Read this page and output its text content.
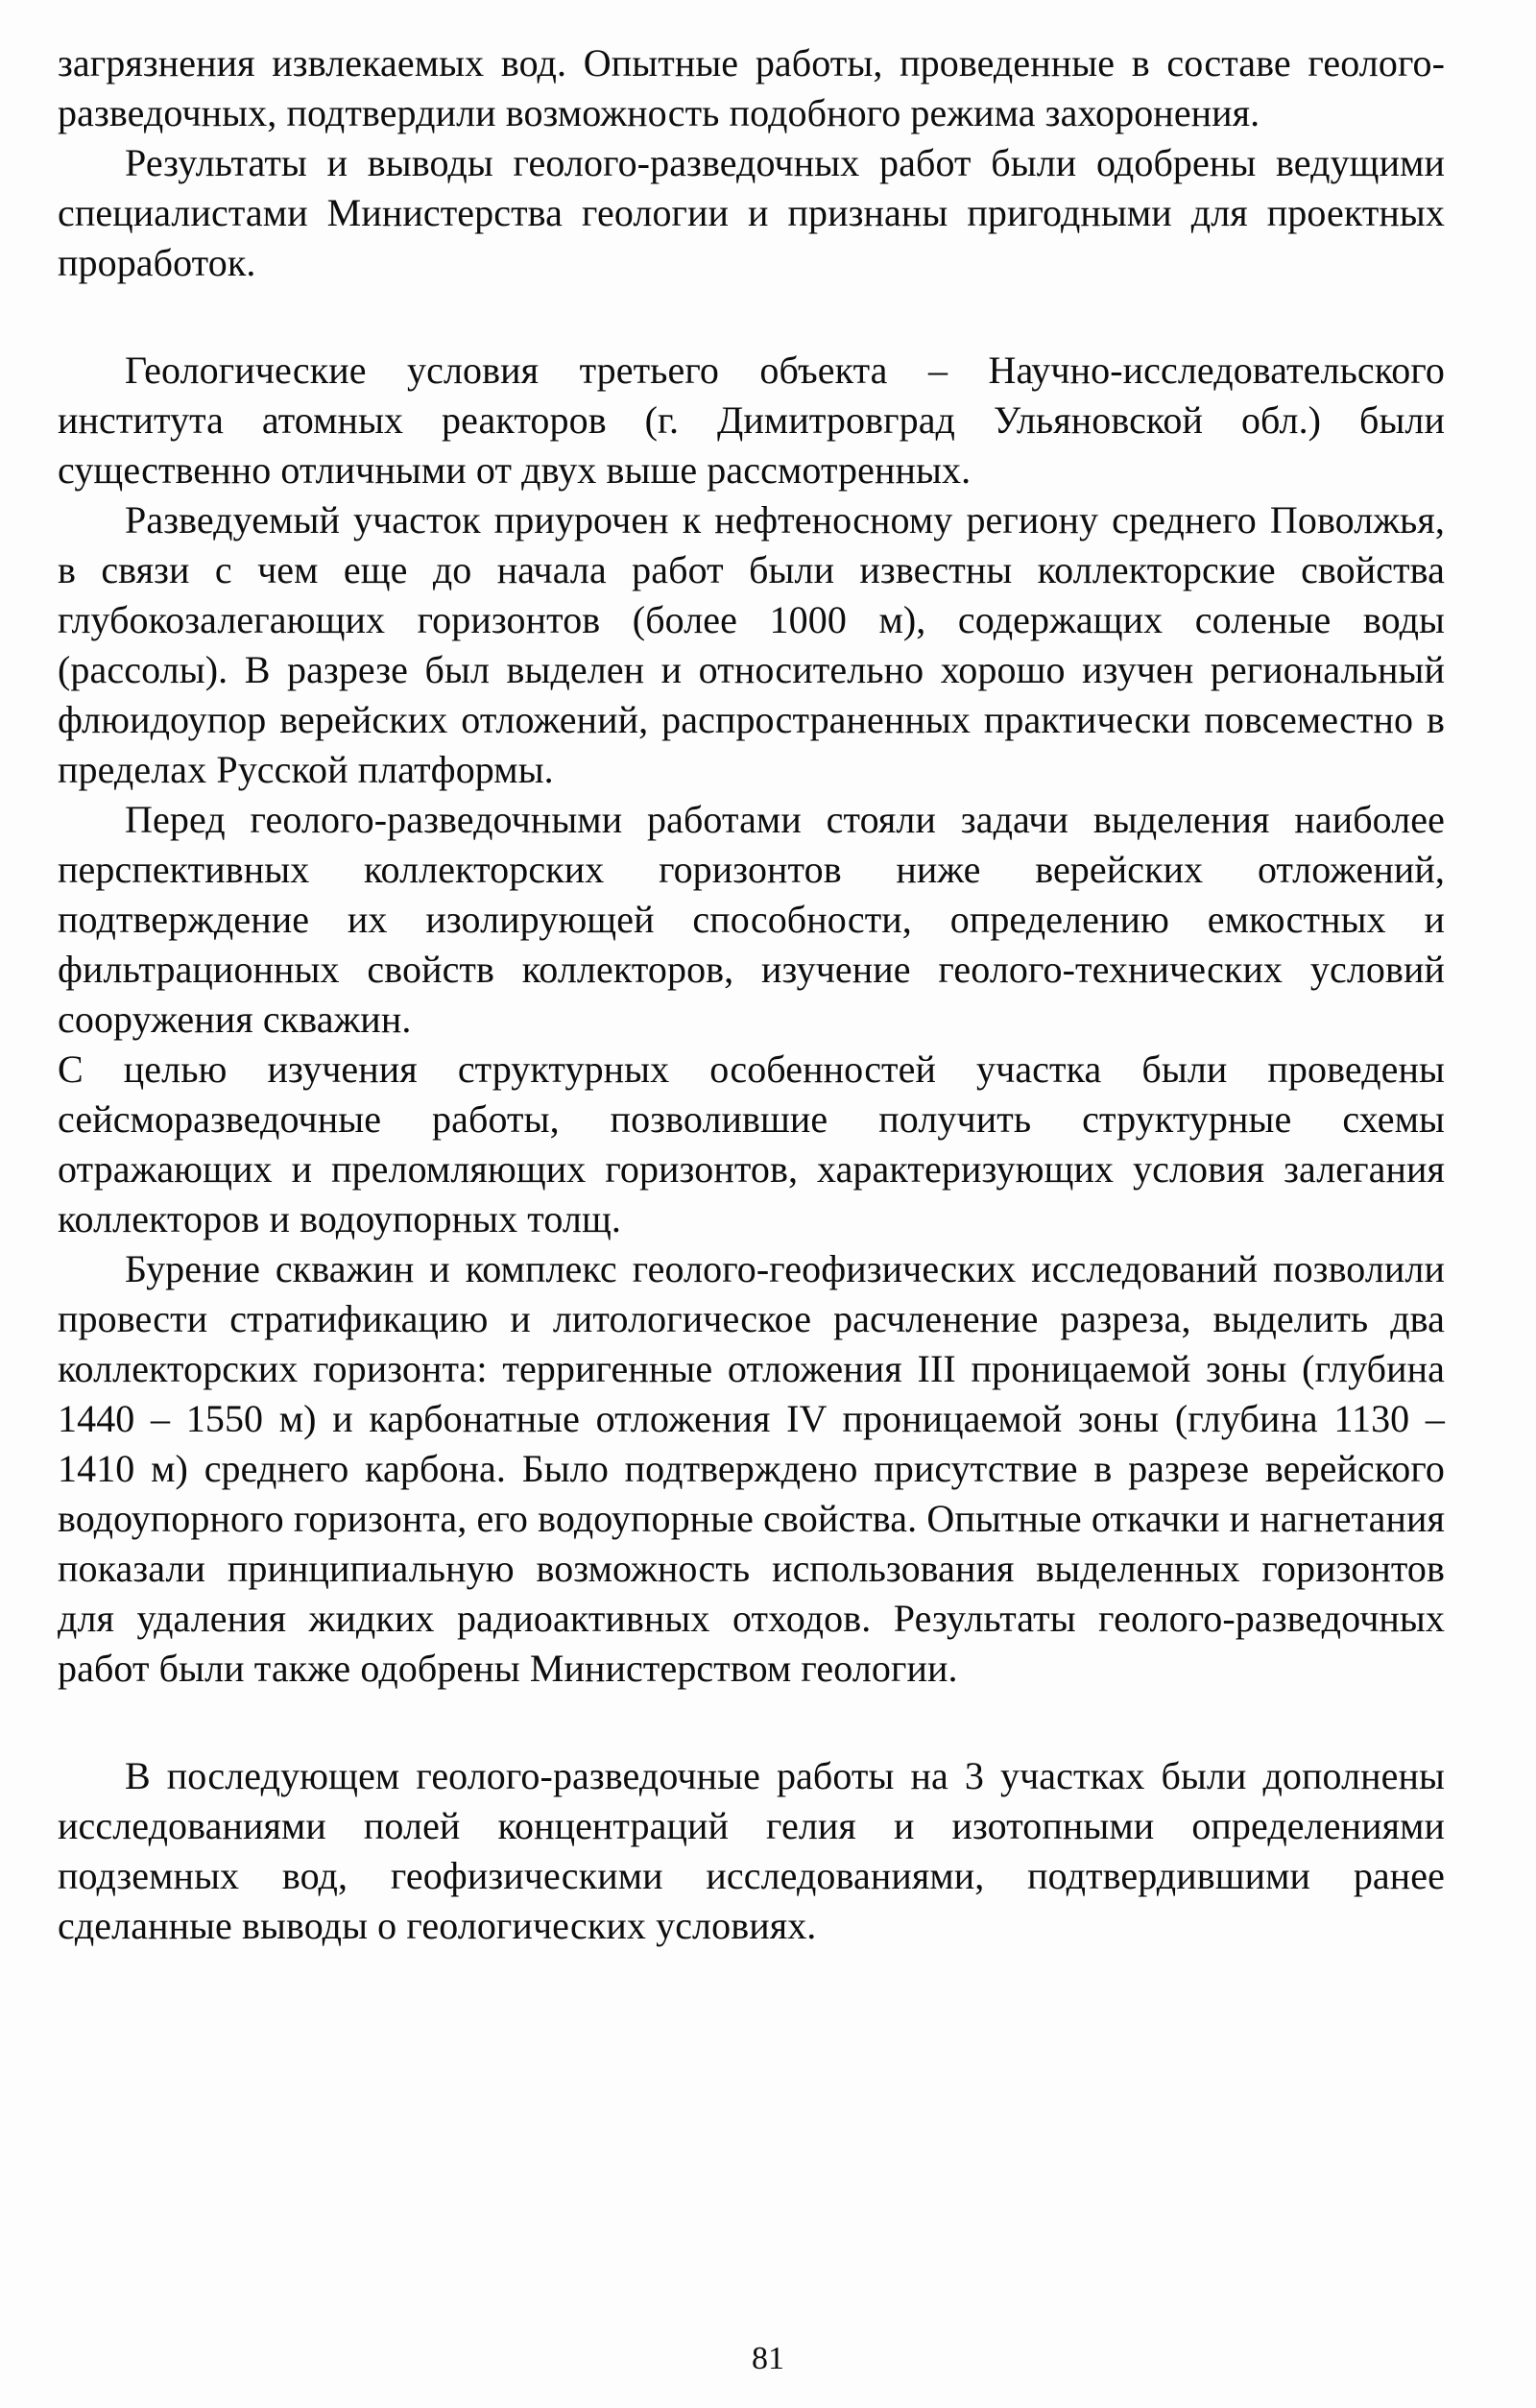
загрязнения извлекаемых вод. Опытные работы, проведенные в составе геолого-разведочных, подтвердили возможность подобного режима захоронения.

Результаты и выводы геолого-разведочных работ были одобрены ведущими специалистами Министерства геологии и признаны пригодными для проектных проработок.

Геологические условия третьего объекта – Научно-исследовательского института атомных реакторов (г. Димитровград Ульяновской обл.) были существенно отличными от двух выше рассмотренных.

Разведуемый участок приурочен к нефтеносному региону среднего Поволжья, в связи с чем еще до начала работ были известны коллекторские свойства глубокозалегающих горизонтов (более 1000 м), содержащих соленые воды (рассолы). В разрезе был выделен и относительно хорошо изучен региональный флюидоупор верейских отложений, распространенных практически повсеместно в пределах Русской платформы.

Перед геолого-разведочными работами стояли задачи выделения наиболее перспективных коллекторских горизонтов ниже верейских отложений, подтверждение их изолирующей способности, определению емкостных и фильтрационных свойств коллекторов, изучение геолого-технических условий сооружения скважин.

С целью изучения структурных особенностей участка были проведены сейсморазведочные работы, позволившие получить структурные схемы отражающих и преломляющих горизонтов, характеризующих условия залегания коллекторов и водоупорных толщ.

Бурение скважин и комплекс геолого-геофизических исследований позволили провести стратификацию и литологическое расчленение разреза, выделить два коллекторских горизонта: терригенные отложения III проницаемой зоны (глубина 1440 – 1550 м) и карбонатные отложения IV проницаемой зоны (глубина 1130 – 1410 м) среднего карбона. Было подтверждено присутствие в разрезе верейского водоупорного горизонта, его водоупорные свойства. Опытные откачки и нагнетания показали принципиальную возможность использования выделенных горизонтов для удаления жидких радиоактивных отходов. Результаты геолого-разведочных работ были также одобрены Министерством геологии.

В последующем геолого-разведочные работы на 3 участках были дополнены исследованиями полей концентраций гелия и изотопными определениями подземных вод, геофизическими исследованиями, подтвердившими ранее сделанные выводы о геологических условиях.

81
